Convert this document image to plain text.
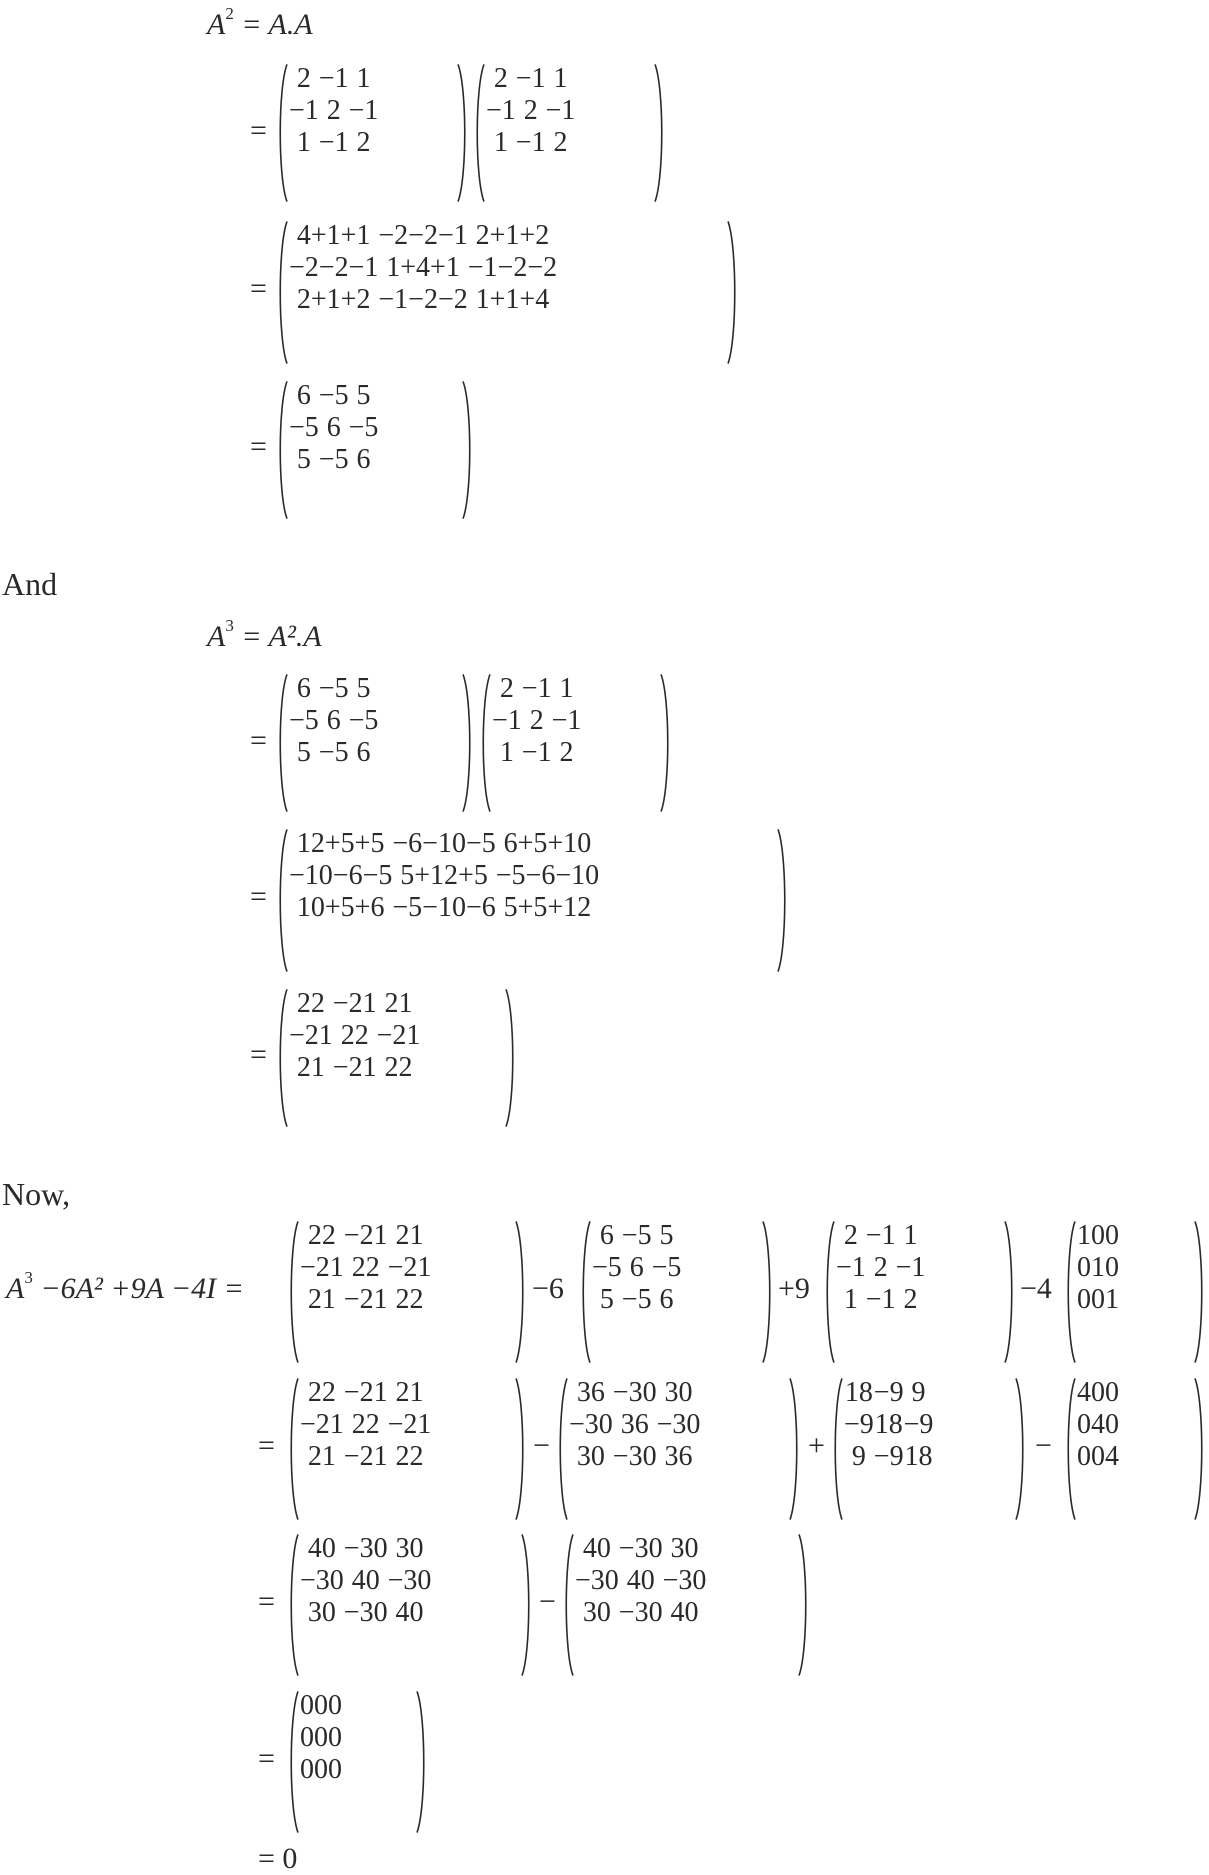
$A^2 = A.A$
=
2	−1	1
−1	2	−1
1	−1	2
2	−1	1
−1	2	−1
1	−1	2
=
4+1+1	−2−2−1	2+1+2
−2−2−1	1+4+1	−1−2−2
2+1+2	−1−2−2	1+1+4
=
6	−5	5
−5	6	−5
5	−5	6
And
$A^3 = A^2.A$
=
6	−5	5
−5	6	−5
5	−5	6
2	−1	1
−1	2	−1
1	−1	2
=
12+5+5	−6−10−5	6+5+10
−10−6−5	5+12+5	−5−6−10
10+5+6	−5−10−6	5+5+12
=
22	−21	21
−21	22	−21
21	−21	22
Now,
$A^3 -6A^2 +9A -4I$ =
22	−21	21
−21	22	−21
21	−21	22	−6
6	−5	5
−5	6	−5
5	−5	6	+9
2	−1	1
−1	2	−1
1	−1	2	−4
1	0	0
0	1	0
0	0	1
=
22	−21	21
−21	22	−21
21	−21	22	−
36	−30	30
−30	36	−30
30	−30	36	+
18	−9	9
−9	18	−9
9	−9	18	−
4	0	0
0	4	0
0	0	4
=
40	−30	30
−30	40	−30
30	−30	40	−
40	−30	30
−30	40	−30
30	−30	40
=
0	0	0
0	0	0
0	0	0
= 0
